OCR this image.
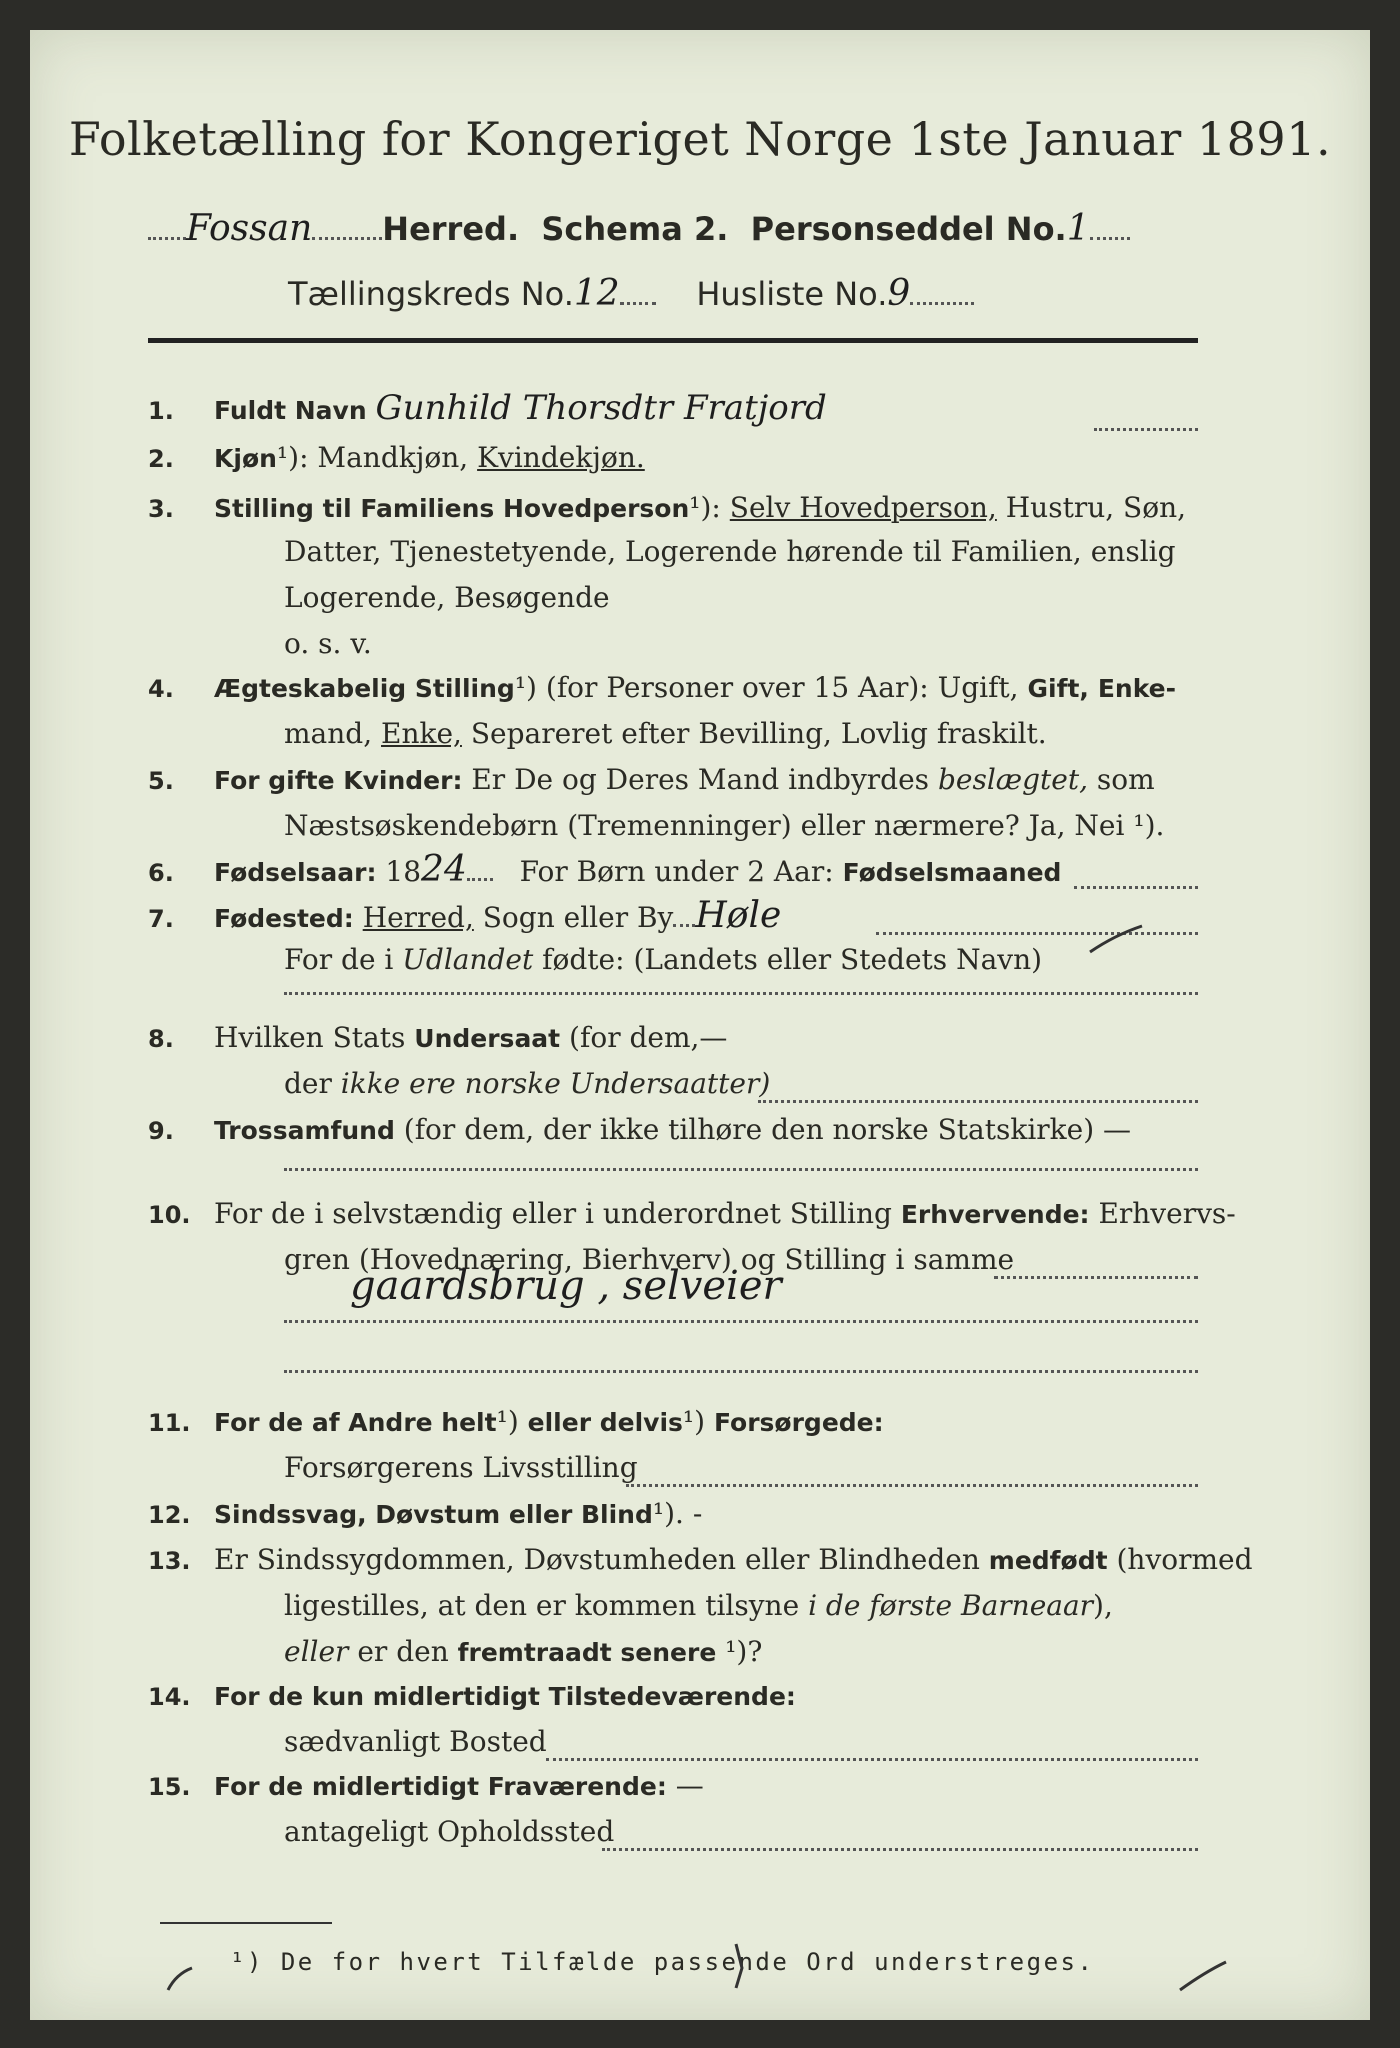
Folketælling for Kongeriget Norge 1ste Januar 1891.
Fossan Herred. Schema 2. Personseddel No.1
Tællingskreds No.12 Husliste No.9
1. Fuldt Navn Gunhild Thorsdtr Fratjord
2. Kjøn¹): Mandkjøn, Kvindekjøn.
3. Stilling til Familiens Hovedperson¹): Selv Hovedperson, Hustru, Søn,
Datter, Tjenestetyende, Logerende hørende til Familien, enslig
Logerende, Besøgende
o. s. v.
4. Ægteskabelig Stilling¹) (for Personer over 15 Aar): Ugift, Gift, Enke-
mand, Enke, Separeret efter Bevilling, Lovlig fraskilt.
5. For gifte Kvinder: Er De og Deres Mand indbyrdes beslægtet, som
Næstsøskendebørn (Tremenninger) eller nærmere? Ja, Nei ¹).
6. Fødselsaar: 1824 For Børn under 2 Aar: Fødselsmaaned
7. Fødested: Herred, Sogn eller By Høle
For de i Udlandet fødte: (Landets eller Stedets Navn)
8. Hvilken Stats Undersaat (for dem,—
der ikke ere norske Undersaatter)
9. Trossamfund (for dem, der ikke tilhøre den norske Statskirke) —
10. For de i selvstændig eller i underordnet Stilling Erhvervende: Erhvervs-
gren (Hovednæring, Bierhverv) og Stilling i samme
gaardsbrug , selveier
11. For de af Andre helt¹) eller delvis¹) Forsørgede:
Forsørgerens Livsstilling
12. Sindssvag, Døvstum eller Blind¹). -
13. Er Sindssygdommen, Døvstumheden eller Blindheden medfødt (hvormed
ligestilles, at den er kommen tilsyne i de første Barneaar),
eller er den fremtraadt senere ¹)?
14. For de kun midlertidigt Tilstedeværende:
sædvanligt Bosted
15. For de midlertidigt Fraværende: —
antageligt Opholdssted
¹) De for hvert Tilfælde passende Ord understreges.
